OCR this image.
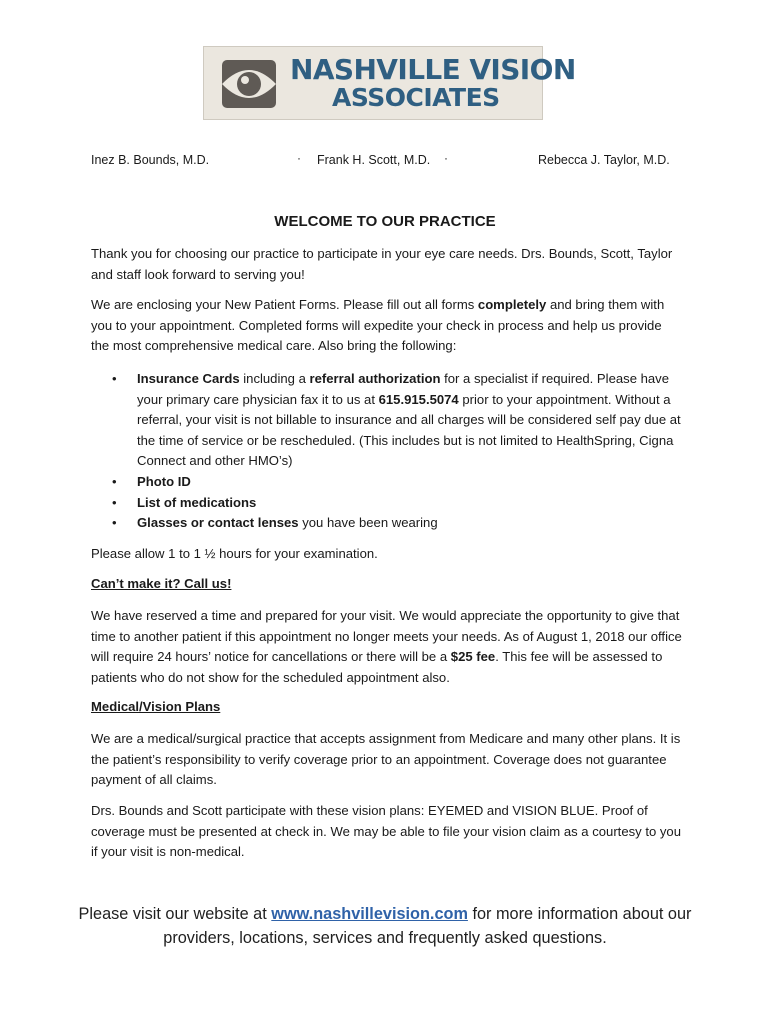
NASHVILLE VISION
ASSOCIATES
Inez B. Bounds, M.D.	· Frank H. Scott, M.D. ·	Rebecca J. Taylor, M.D.
WELCOME TO OUR PRACTICE
Thank you for choosing our practice to participate in your eye care needs. Drs. Bounds, Scott, Taylor and staff look forward to serving you!
We are enclosing your New Patient Forms. Please fill out all forms completely and bring them with you to your appointment. Completed forms will expedite your check in process and help us provide the most comprehensive medical care. Also bring the following:
• Insurance Cards including a referral authorization for a specialist if required. Please have your primary care physician fax it to us at 615.915.5074 prior to your appointment. Without a referral, your visit is not billable to insurance and all charges will be considered self pay due at the time of service or be rescheduled. (This includes but is not limited to HealthSpring, Cigna Connect and other HMO’s)
• Photo ID
• List of medications
• Glasses or contact lenses you have been wearing
Please allow 1 to 1 ½ hours for your examination.
Can’t make it? Call us!
We have reserved a time and prepared for your visit. We would appreciate the opportunity to give that time to another patient if this appointment no longer meets your needs. As of August 1, 2018 our office will require 24 hours’ notice for cancellations or there will be a $25 fee. This fee will be assessed to patients who do not show for the scheduled appointment also.
Medical/Vision Plans
We are a medical/surgical practice that accepts assignment from Medicare and many other plans. It is the patient’s responsibility to verify coverage prior to an appointment. Coverage does not guarantee payment of all claims.
Drs. Bounds and Scott participate with these vision plans: EYEMED and VISION BLUE. Proof of coverage must be presented at check in. We may be able to file your vision claim as a courtesy to you if your visit is non-medical.
Please visit our website at www.nashvillevision.com for more information about our providers, locations, services and frequently asked questions.
